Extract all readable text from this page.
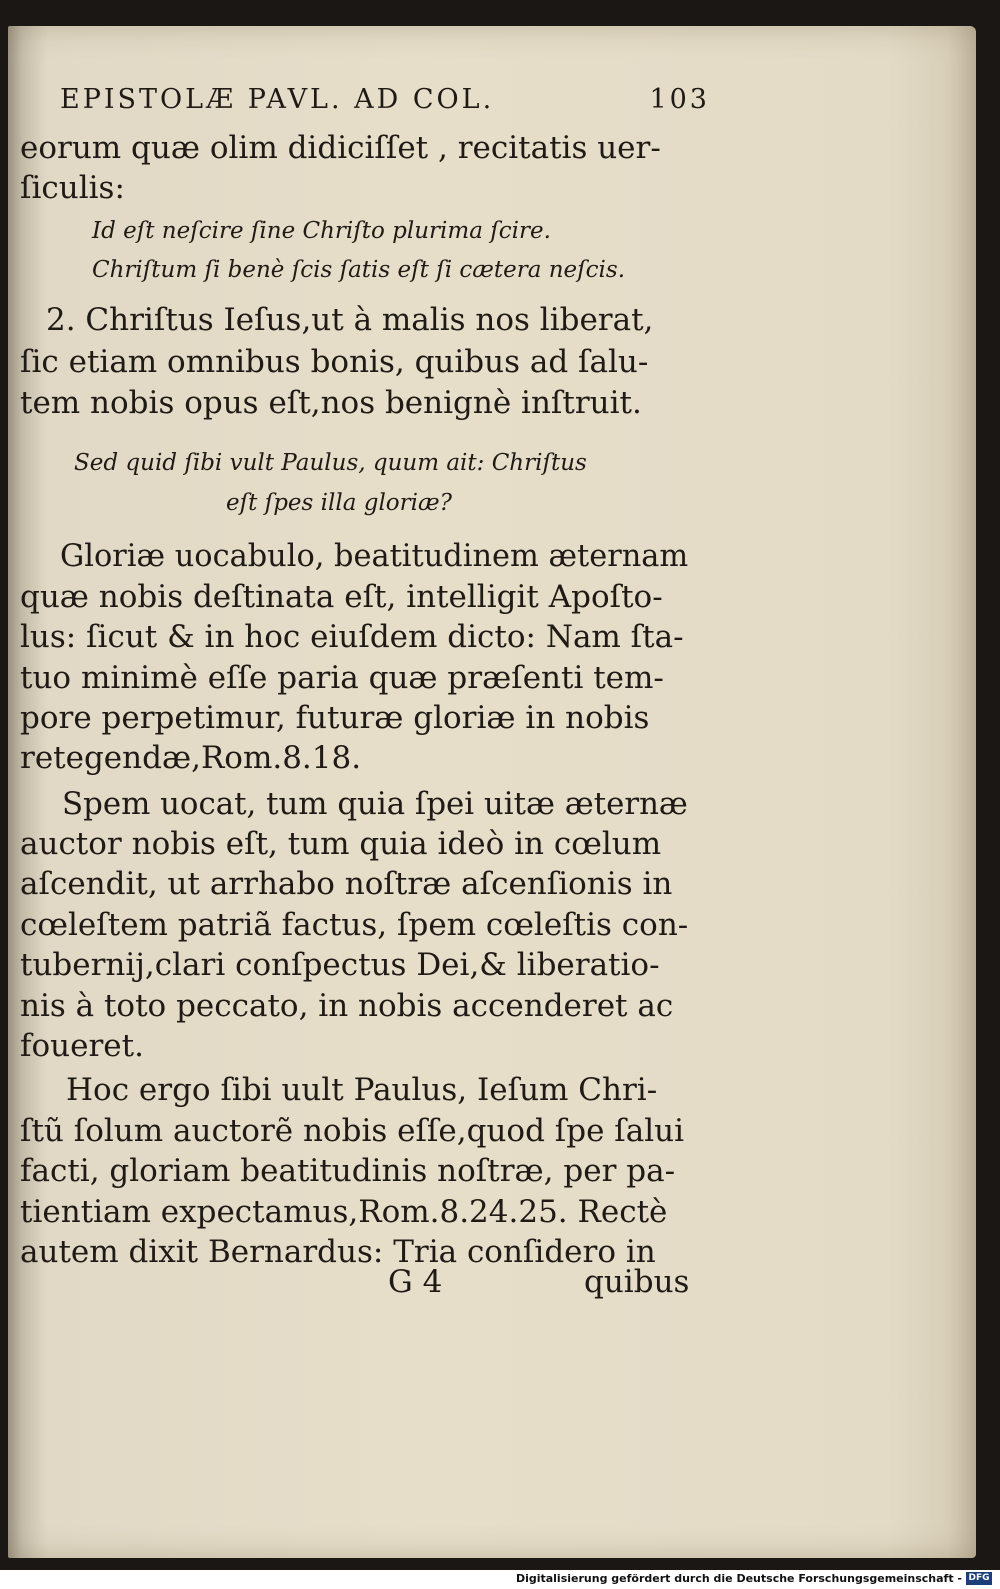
EPISTOLÆ PAVL. AD COL.	103
eorum quæ olim didiciſſet , recitatis uer-
ſiculis:
Id eſt neſcire ſine Chriſto plurima ſcire.
Chriſtum ſi benè ſcis ſatis eſt ſi cætera neſcis.
2. Chriſtus Ieſus,ut à malis nos liberat,
ſic etiam omnibus bonis, quibus ad ſalu-
tem nobis opus eſt,nos benignè inſtruit.
Sed quid ſibi vult Paulus, quum ait: Chriſtus
eſt ſpes illa gloriæ?
Gloriæ uocabulo, beatitudinem æternam
quæ nobis deſtinata eſt, intelligit Apoſto-
lus: ſicut & in hoc eiuſdem dicto: Nam ſta-
tuo minimè eſſe paria quæ præſenti tem-
pore perpetimur, futuræ gloriæ in nobis
retegendæ,Rom.8.18.
Spem uocat, tum quia ſpei uitæ æternæ
auctor nobis eſt, tum quia ideò in cœlum
aſcendit, ut arrhabo noſtræ aſcenſionis in
cœleſtem patriã factus, ſpem cœleſtis con-
tubernij,clari conſpectus Dei,& liberatio-
nis à toto peccato, in nobis accenderet ac
foueret.
Hoc ergo ſibi uult Paulus, Ieſum Chri-
ſtũ ſolum auctorẽ nobis eſſe,quod ſpe ſalui
facti, gloriam beatitudinis noſtræ, per pa-
tientiam expectamus,Rom.8.24.25. Rectè
autem dixit Bernardus: Tria conſidero in
G 4	quibus
Digitalisierung gefördert durch die Deutsche Forschungsgemeinschaft - DFG
